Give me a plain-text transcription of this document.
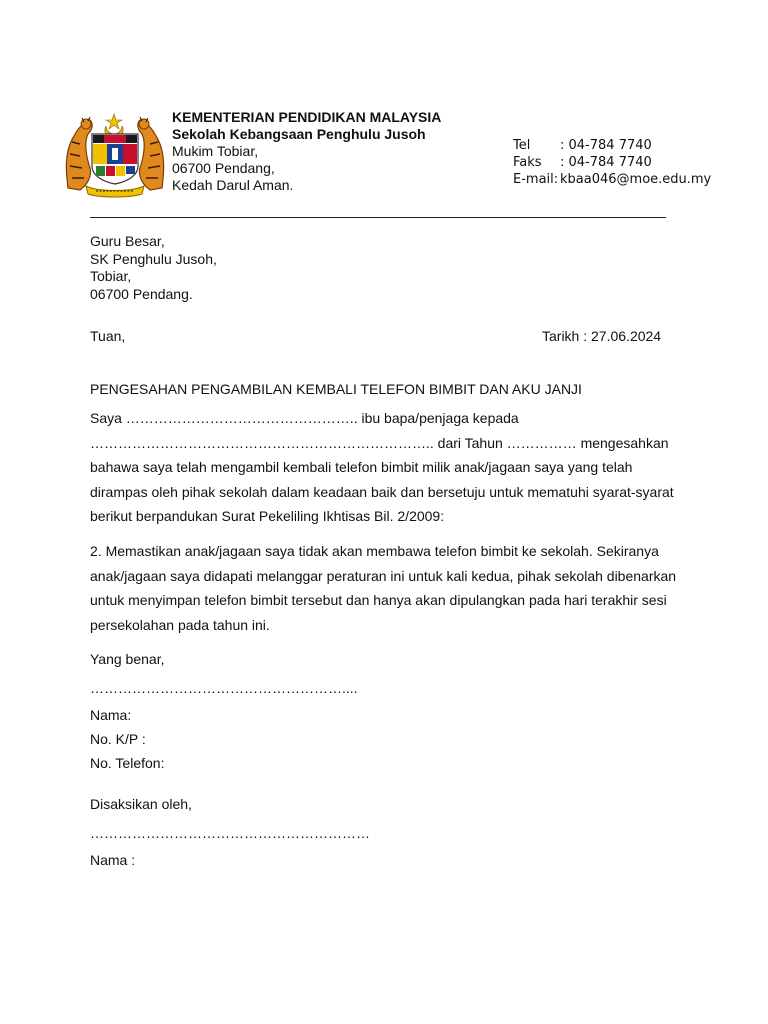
KEMENTERIAN PENDIDIKAN MALAYSIA
Sekolah Kebangsaan Penghulu Jusoh
Mukim Tobiar,
06700 Pendang,
Kedah Darul Aman.
Tel	: 04-784 7740
Faks	: 04-784 7740
E-mail: kbaa046@moe.edu.my
Guru Besar,
SK Penghulu Jusoh,
Tobiar,
06700 Pendang.
Tuan,	Tarikh : 27.06.2024
PENGESAHAN PENGAMBILAN KEMBALI TELEFON BIMBIT DAN AKU JANJI
Saya ………………………………………….. ibu bapa/penjaga kepada
……………………………………………………………….. dari Tahun …………… mengesahkan
bahawa saya telah mengambil kembali telefon bimbit milik anak/jagaan saya yang telah
dirampas oleh pihak sekolah dalam keadaan baik dan bersetuju untuk mematuhi syarat-syarat
berikut berpandukan Surat Pekeliling Ikhtisas Bil. 2/2009:
2. Memastikan anak/jagaan saya tidak akan membawa telefon bimbit ke sekolah. Sekiranya
anak/jagaan saya didapati melanggar peraturan ini untuk kali kedua, pihak sekolah dibenarkan
untuk menyimpan telefon bimbit tersebut dan hanya akan dipulangkan pada hari terakhir sesi
persekolahan pada tahun ini.
Yang benar,
………………………………………………....
Nama:
No. K/P :
No. Telefon:
Disaksikan oleh,
……………………………………………………
Nama :
